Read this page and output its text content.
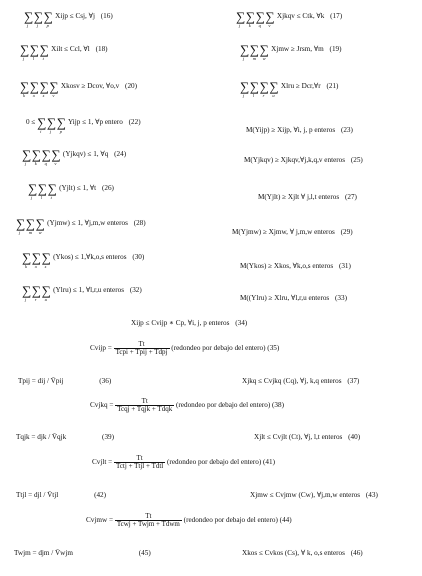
∑
j
∑
j
∑
p
Xijp ≤ Csj, ∀j (16)	∑
j
∑
k
∑
q
∑
v
Xjkqv ≤ Ctk, ∀k (17)
∑
j
∑
l
∑
t
Xilt ≤ Ccl, ∀l (18)	∑
j
∑
m
∑
w
Xjmw ≥ Jrsm, ∀m (19)
∑
k
∑
o
∑
s
∑
v
Xkosv ≥ Dcov, ∀o,v (20)	∑
j
∑
l
∑
r
∑
u
Xlru ≥ Dcr,∀r (21)
0 ≤ ∑
i
∑
j
∑
p
Yijp ≤ 1, ∀p entero (22)
M(Yijp) ≥ Xijp, ∀i, j, p enteros (23)
∑
j
∑
k
∑
q
∑
v
(Yjkqv) ≤ 1, ∀q (24)
M(Yjkqv) ≥ Xjkqv,∀j,k,q,v enteros (25)
∑
j
∑
l
∑
t
(Yjlt) ≤ 1, ∀t (26)
M(Yjlt) ≥ Xjlt ∀ j,l,t enteros (27)
∑
j
∑
m
∑
w
(Yjmw) ≤ 1, ∀j,m,w enteros (28)
M(Yjmw) ≥ Xjmw, ∀ j,m,w enteros (29)
∑
k
∑
o
∑
s
(Ykos) ≤ 1,∀k,o,s enteros (30)
M(Ykos) ≥ Xkos, ∀k,o,s enteros (31)
∑
j
∑
r
∑
u
(Ylru) ≤ 1, ∀l,r,u enteros (32)
M((Ylru) ≥ Xlru, ∀l,r,u enteros (33)
Xijp ≤ Cvijp ∗ Cp, ∀i, j, p enteros (34)
Cvijp = $\frac{Tt}{\text{Tcpi + Tpij + Tdpj}}$ (redondeo por debajo del entero) (35)
Tpij = dij / V̄pij	(36)	Xjkq ≤ Cvjkq (Cq), ∀j, k,q enteros (37)
Cvjkq = $\frac{Tt}{\text{Tcqj + Tqjk + Tdqk}}$ (redondeo por debajo del entero) (38)
Tqjk = djk / V̄qjk	(39)	Xjlt ≤ Cvjlt (Ct), ∀j, l,t enteros (40)
Cvjlt = $\frac{Tt}{\text{Tctj + Ttjl + Tdtl}}$ (redondeo por debajo del entero) (41)
Ttjl = djl / V̄tjl	(42)	Xjmw ≤ Cvjmw (Cw), ∀j,m,w enteros (43)
Cvjmw = $\frac{Tt}{\text{Tcwj + Twjm + Tdwm}}$ (redondeo por debajo del entero) (44)
Twjm = djm / V̄wjm	(45)	Xkos ≤ Cvkos (Cs), ∀ k, o,s enteros (46)
